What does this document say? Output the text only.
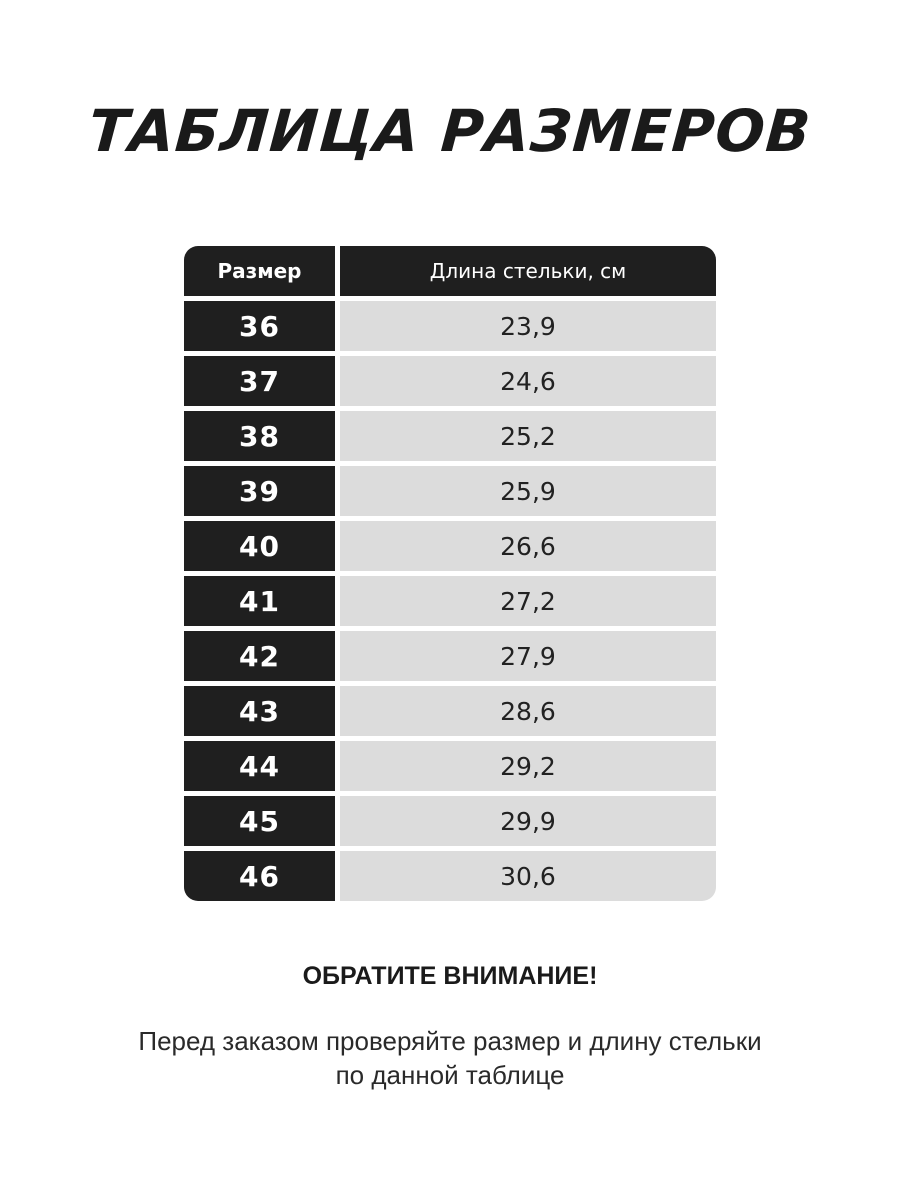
ТАБЛИЦА РАЗМЕРОВ
Размер	Длина стельки, см
36	23,9
37	24,6
38	25,2
39	25,9
40	26,6
41	27,2
42	27,9
43	28,6
44	29,2
45	29,9
46	30,6
ОБРАТИТЕ ВНИМАНИЕ!
Перед заказом проверяйте размер и длину стельки
по данной таблице
